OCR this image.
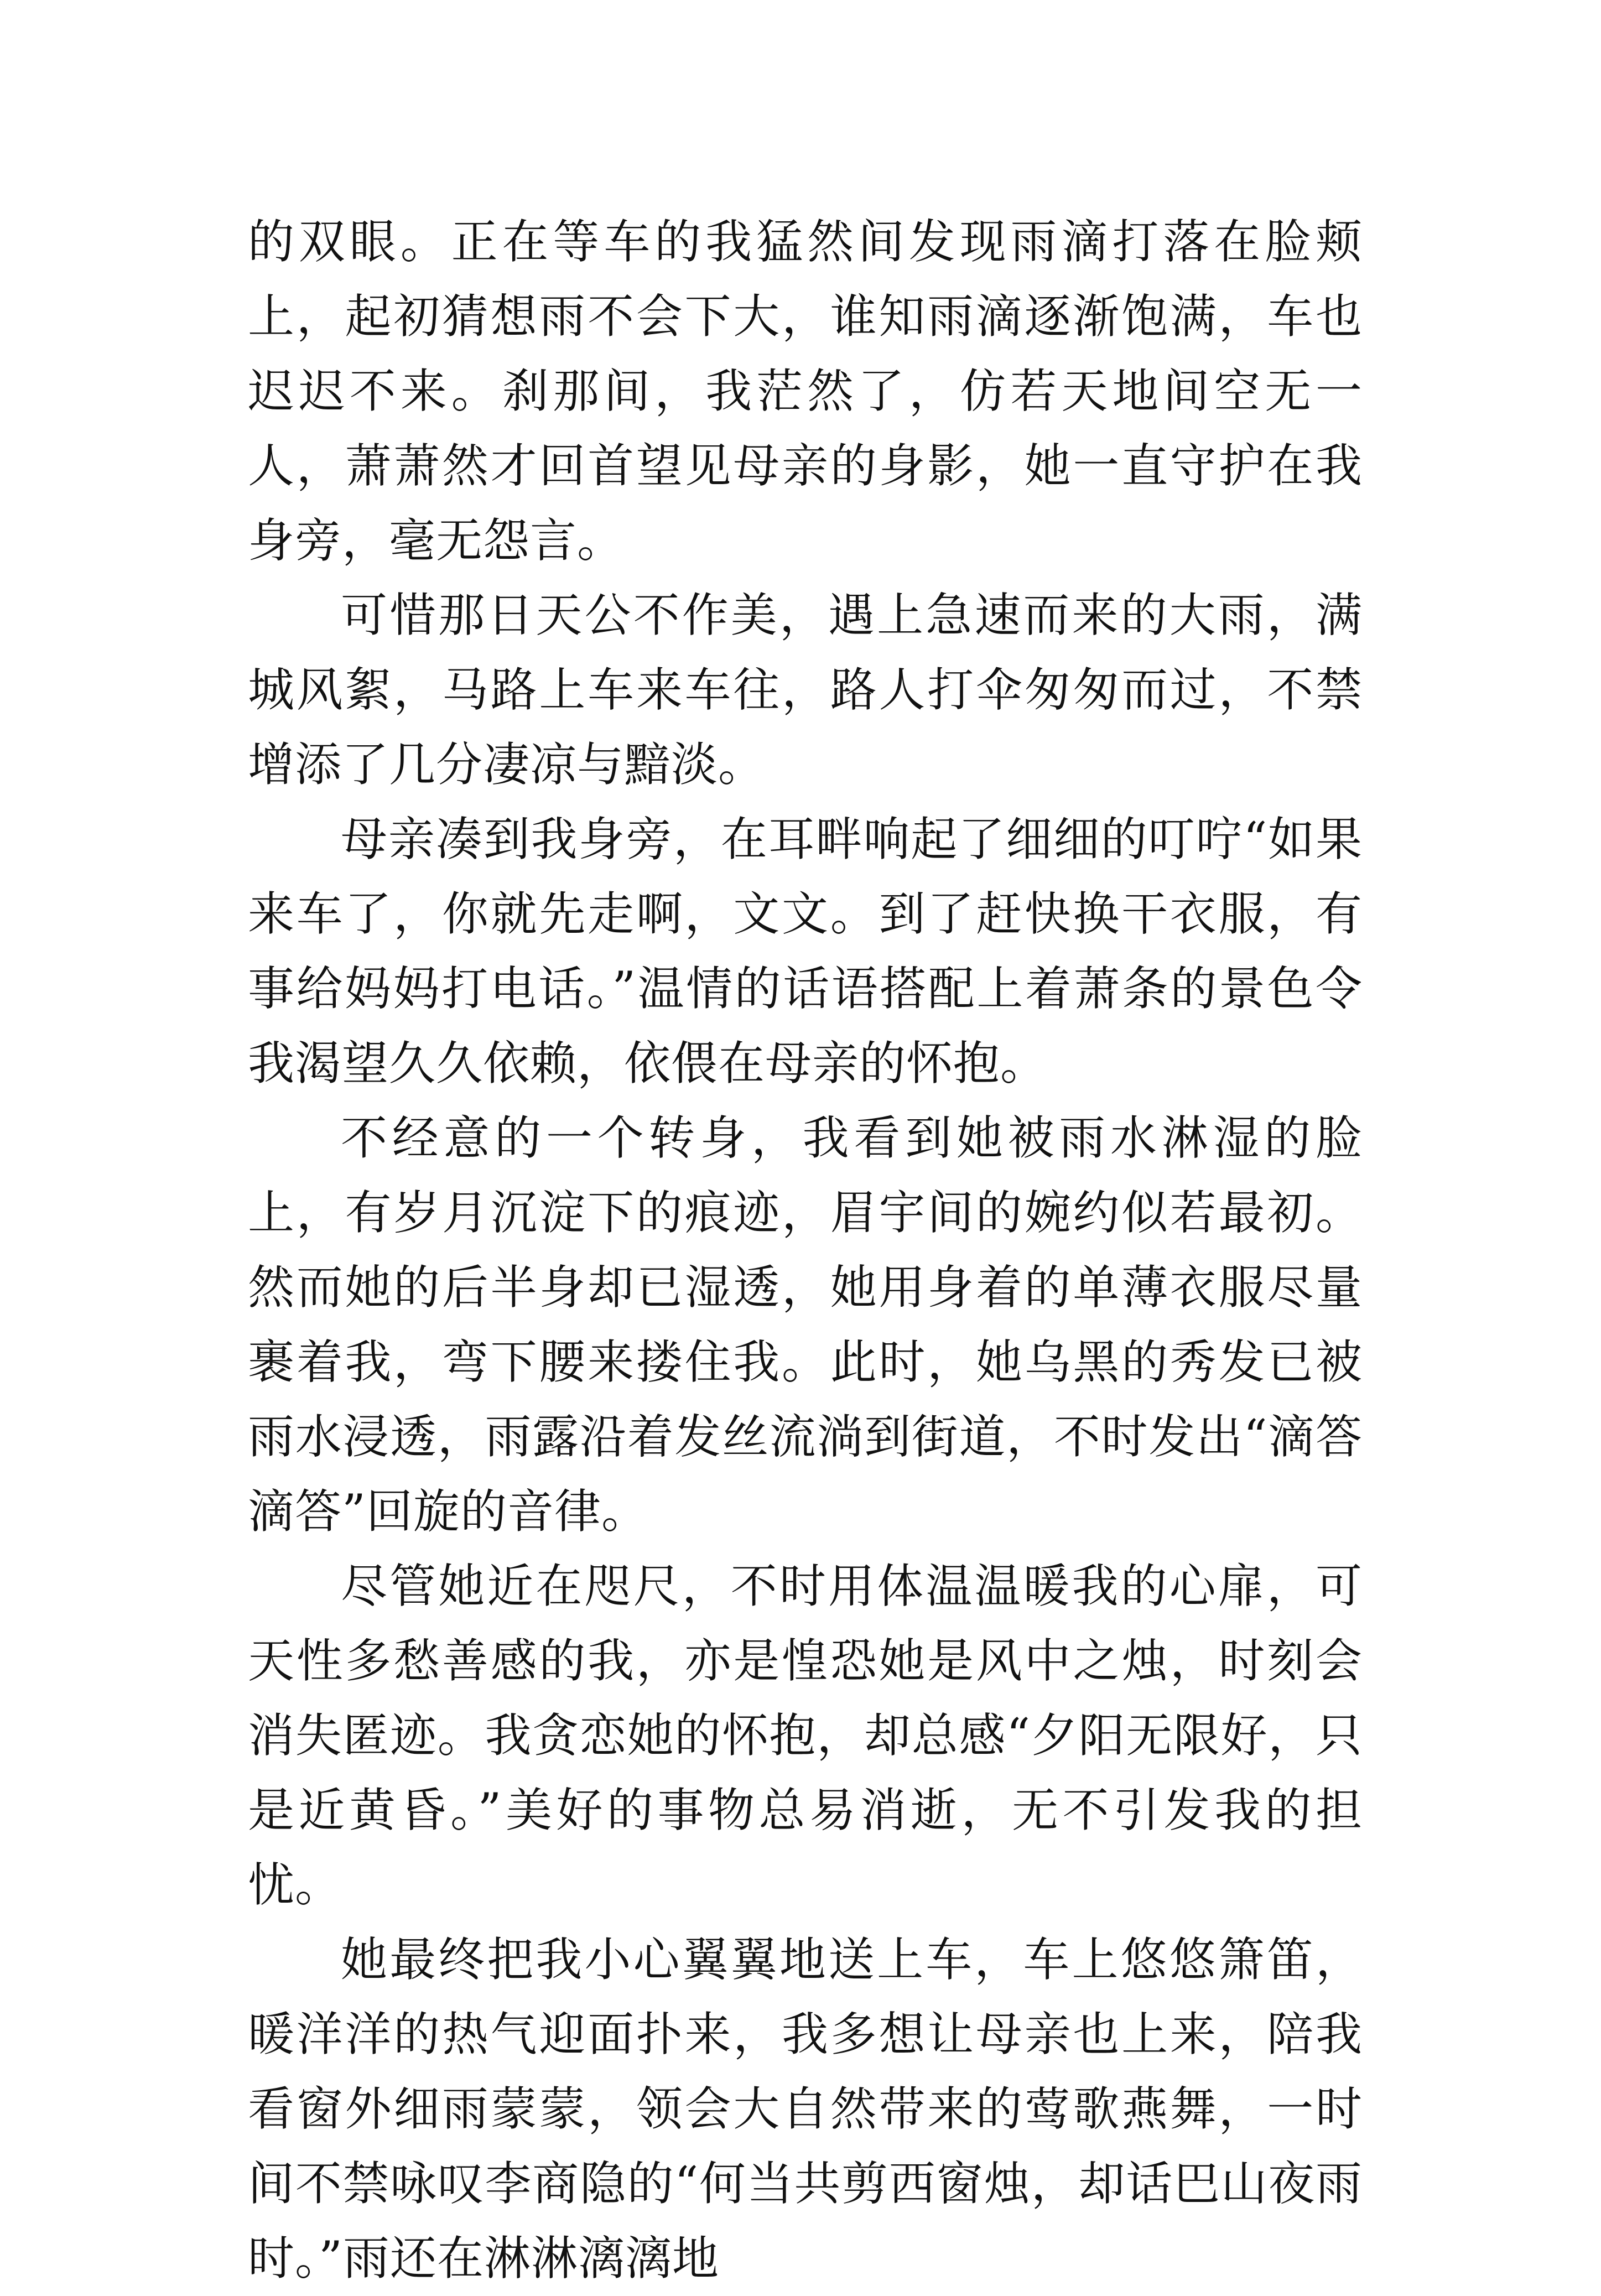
的双眼。正在等车的我猛然间发现雨滴打落在脸颊上，起初猜想雨不会下大，谁知雨滴逐渐饱满，车也迟迟不来。刹那间，我茫然了，仿若天地间空无一人，萧萧然才回首望见母亲的身影，她一直守护在我身旁，毫无怨言。

可惜那日天公不作美，遇上急速而来的大雨，满城风絮，马路上车来车往，路人打伞匆匆而过，不禁增添了几分凄凉与黯淡。

母亲凑到我身旁，在耳畔响起了细细的叮咛“如果来车了，你就先走啊，文文。到了赶快换干衣服，有事给妈妈打电话。”温情的话语搭配上着萧条的景色令我渴望久久依赖，依偎在母亲的怀抱。

不经意的一个转身，我看到她被雨水淋湿的脸上，有岁月沉淀下的痕迹，眉宇间的婉约似若最初。然而她的后半身却已湿透，她用身着的单薄衣服尽量裹着我，弯下腰来搂住我。此时，她乌黑的秀发已被雨水浸透，雨露沿着发丝流淌到街道，不时发出“滴答滴答”回旋的音律。

尽管她近在咫尺，不时用体温温暖我的心扉，可天性多愁善感的我，亦是惶恐她是风中之烛，时刻会消失匿迹。我贪恋她的怀抱，却总感“夕阳无限好，只是近黄昏。”美好的事物总易消逝，无不引发我的担忧。

她最终把我小心翼翼地送上车，车上悠悠箫笛，暖洋洋的热气迎面扑来，我多想让母亲也上来，陪我看窗外细雨蒙蒙，领会大自然带来的莺歌燕舞，一时间不禁咏叹李商隐的“何当共剪西窗烛，却话巴山夜雨时。”雨还在淋淋漓漓地
